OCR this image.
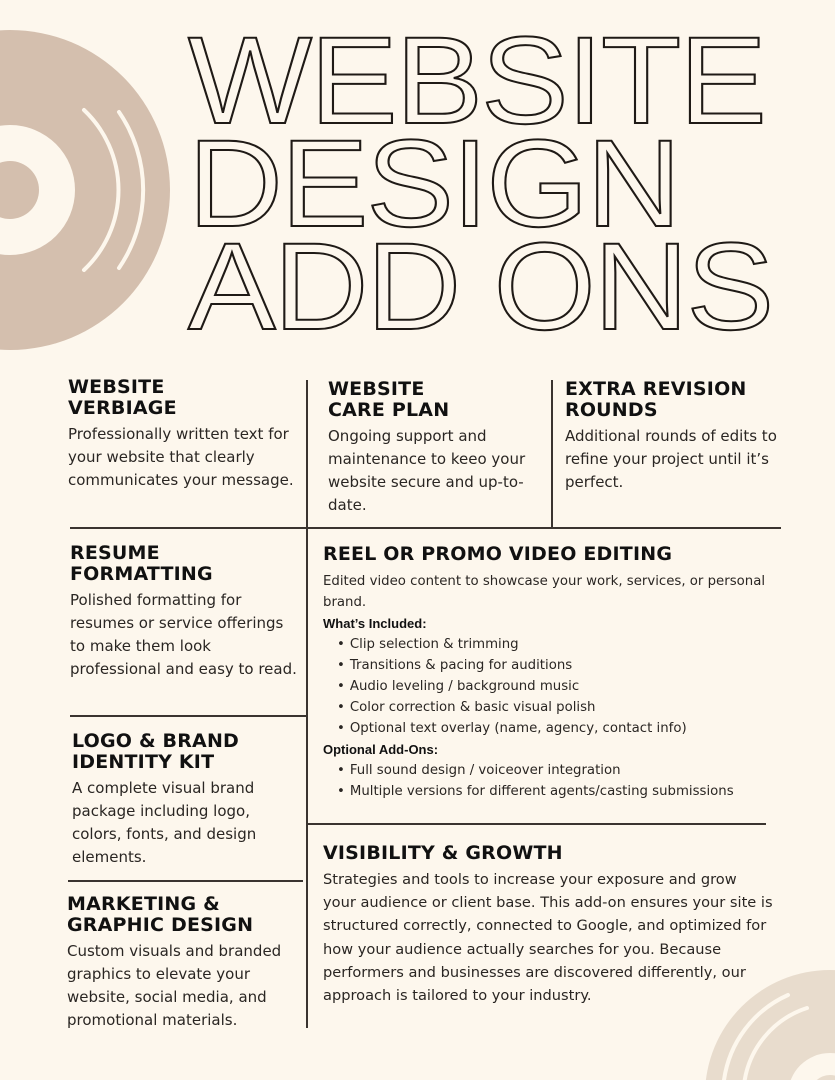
WEBSITE
DESIGN
ADD ONS
WEBSITE
VERBIAGE

Professionally written text for your website that clearly communicates your message.

WEBSITE
CARE PLAN

Ongoing support and maintenance to keeo your website secure and up-to-date.

EXTRA REVISION
ROUNDS

Additional rounds of edits to refine your project until it’s perfect.

RESUME
FORMATTING

Polished formatting for resumes or service offerings to make them look professional and easy to read.

LOGO & BRAND
IDENTITY KIT

A complete visual brand package including logo, colors, fonts, and design elements.

MARKETING &
GRAPHIC DESIGN

Custom visuals and branded graphics to elevate your website, social media, and promotional materials.

REEL OR PROMO VIDEO EDITING

Edited video content to showcase your work, services, or personal brand.

What’s Included:
• Clip selection & trimming
• Transitions & pacing for auditions
• Audio leveling / background music
• Color correction & basic visual polish
• Optional text overlay (name, agency, contact info)
Optional Add-Ons:
• Full sound design / voiceover integration
• Multiple versions for different agents/casting submissions
VISIBILITY & GROWTH

Strategies and tools to increase your exposure and grow your audience or client base. This add-on ensures your site is structured correctly, connected to Google, and optimized for how your audience actually searches for you. Because performers and businesses are discovered differently, our approach is tailored to your industry.
